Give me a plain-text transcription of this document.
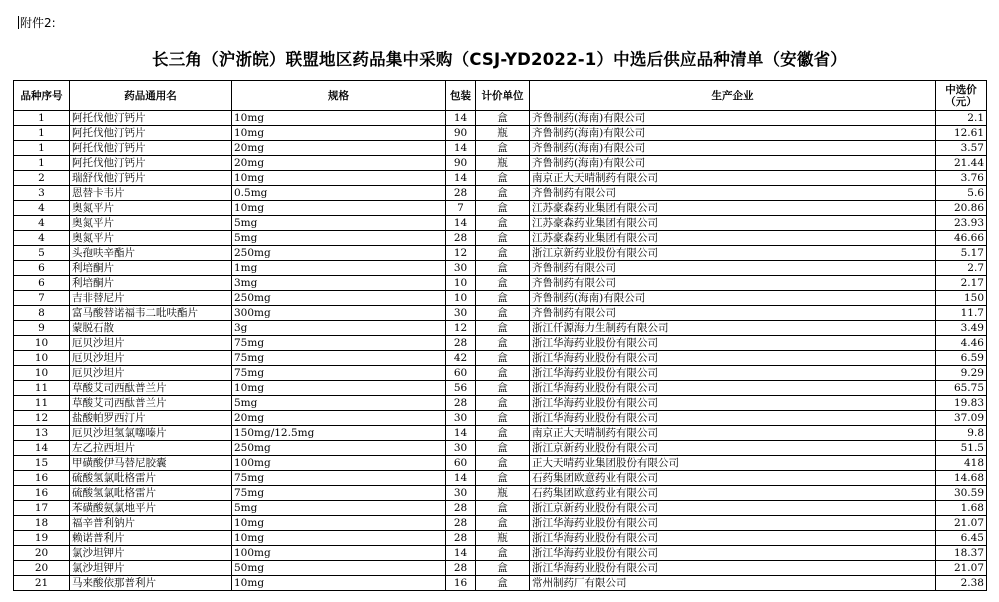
附件2:
长三角（沪浙皖）联盟地区药品集中采购（CSJ-YD2022-1）中选后供应品种清单（安徽省）
品种序号	药品通用名	规格	包装	计价单位	生产企业	中选价
（元）
1	阿托伐他汀钙片	10mg	14	盒	齐鲁制药(海南)有限公司	2.1
1	阿托伐他汀钙片	10mg	90	瓶	齐鲁制药(海南)有限公司	12.61
1	阿托伐他汀钙片	20mg	14	盒	齐鲁制药(海南)有限公司	3.57
1	阿托伐他汀钙片	20mg	90	瓶	齐鲁制药(海南)有限公司	21.44
2	瑞舒伐他汀钙片	10mg	14	盒	南京正大天晴制药有限公司	3.76
3	恩替卡韦片	0.5mg	28	盒	齐鲁制药有限公司	5.6
4	奥氮平片	10mg	7	盒	江苏豪森药业集团有限公司	20.86
4	奥氮平片	5mg	14	盒	江苏豪森药业集团有限公司	23.93
4	奥氮平片	5mg	28	盒	江苏豪森药业集团有限公司	46.66
5	头孢呋辛酯片	250mg	12	盒	浙江京新药业股份有限公司	5.17
6	利培酮片	1mg	30	盒	齐鲁制药有限公司	2.7
6	利培酮片	3mg	10	盒	齐鲁制药有限公司	2.17
7	吉非替尼片	250mg	10	盒	齐鲁制药(海南)有限公司	150
8	富马酸替诺福韦二吡呋酯片	300mg	30	盒	齐鲁制药有限公司	11.7
9	蒙脱石散	3g	12	盒	浙江仟源海力生制药有限公司	3.49
10	厄贝沙坦片	75mg	28	盒	浙江华海药业股份有限公司	4.46
10	厄贝沙坦片	75mg	42	盒	浙江华海药业股份有限公司	6.59
10	厄贝沙坦片	75mg	60	盒	浙江华海药业股份有限公司	9.29
11	草酸艾司西酞普兰片	10mg	56	盒	浙江华海药业股份有限公司	65.75
11	草酸艾司西酞普兰片	5mg	28	盒	浙江华海药业股份有限公司	19.83
12	盐酸帕罗西汀片	20mg	30	盒	浙江华海药业股份有限公司	37.09
13	厄贝沙坦氢氯噻嗪片	150mg/12.5mg	14	盒	南京正大天晴制药有限公司	9.8
14	左乙拉西坦片	250mg	30	盒	浙江京新药业股份有限公司	51.5
15	甲磺酸伊马替尼胶囊	100mg	60	盒	正大天晴药业集团股份有限公司	418
16	硫酸氢氯吡格雷片	75mg	14	盒	石药集团欧意药业有限公司	14.68
16	硫酸氢氯吡格雷片	75mg	30	瓶	石药集团欧意药业有限公司	30.59
17	苯磺酸氨氯地平片	5mg	28	盒	浙江京新药业股份有限公司	1.68
18	福辛普利钠片	10mg	28	盒	浙江华海药业股份有限公司	21.07
19	赖诺普利片	10mg	28	瓶	浙江华海药业股份有限公司	6.45
20	氯沙坦钾片	100mg	14	盒	浙江华海药业股份有限公司	18.37
20	氯沙坦钾片	50mg	28	盒	浙江华海药业股份有限公司	21.07
21	马来酸依那普利片	10mg	16	盒	常州制药厂有限公司	2.38
